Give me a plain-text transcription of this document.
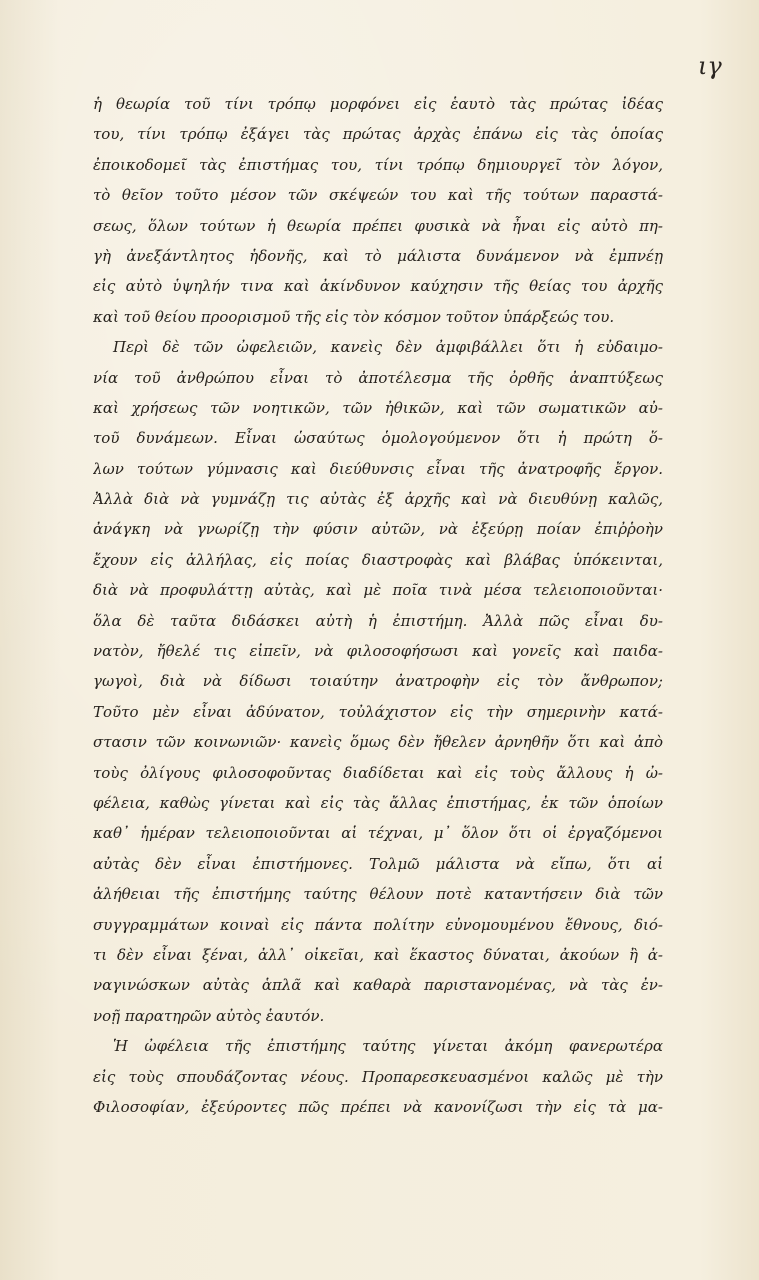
ιγ
ἡ θεωρία τοῦ τίνι τρόπῳ μορφόνει εἰς ἑαυτὸ τὰς πρώτας ἰδέας
του, τίνι τρόπῳ ἐξάγει τὰς πρώτας ἀρχὰς ἐπάνω εἰς τὰς ὁποίας
ἐποικοδομεῖ τὰς ἐπιστήμας του, τίνι τρόπῳ δημιουργεῖ τὸν λόγον,
τὸ θεῖον τοῦτο μέσον τῶν σκέψεών του καὶ τῆς τούτων παραστά-
σεως, ὅλων τούτων ἡ θεωρία πρέπει φυσικὰ νὰ ἦναι εἰς αὐτὸ πη-
γὴ ἀνεξάντλητος ἡδονῆς, καὶ τὸ μάλιστα δυνάμενον νὰ ἐμπνέῃ
εἰς αὐτὸ ὑψηλήν τινα καὶ ἀκίνδυνον καύχησιν τῆς θείας του ἀρχῆς
καὶ τοῦ θείου προορισμοῦ τῆς εἰς τὸν κόσμον τοῦτον ὑπάρξεώς του.
Περὶ δὲ τῶν ὠφελειῶν, κανεὶς δὲν ἀμφιβάλλει ὅτι ἡ εὐδαιμο-
νία τοῦ ἀνθρώπου εἶναι τὸ ἀποτέλεσμα τῆς ὀρθῆς ἀναπτύξεως
καὶ χρήσεως τῶν νοητικῶν, τῶν ἠθικῶν, καὶ τῶν σωματικῶν αὐ-
τοῦ δυνάμεων. Εἶναι ὡσαύτως ὁμολογούμενον ὅτι ἡ πρώτη ὅ-
λων τούτων γύμνασις καὶ διεύθυνσις εἶναι τῆς ἀνατροφῆς ἔργον.
Ἀλλὰ διὰ νὰ γυμνάζῃ τις αὐτὰς ἐξ ἀρχῆς καὶ νὰ διευθύνῃ καλῶς,
ἀνάγκη νὰ γνωρίζῃ τὴν φύσιν αὐτῶν, νὰ ἐξεύρῃ ποίαν ἐπιῤῥοὴν
ἔχουν εἰς ἀλλήλας, εἰς ποίας διαστροφὰς καὶ βλάβας ὑπόκεινται,
διὰ νὰ προφυλάττῃ αὐτὰς, καὶ μὲ ποῖα τινὰ μέσα τελειοποιοῦνται·
ὅλα δὲ ταῦτα διδάσκει αὐτὴ ἡ ἐπιστήμη. Ἀλλὰ πῶς εἶναι δυ-
νατὸν, ἤθελέ τις εἰπεῖν, νὰ φιλοσοφήσωσι καὶ γονεῖς καὶ παιδα-
γωγοὶ, διὰ νὰ δίδωσι τοιαύτην ἀνατροφὴν εἰς τὸν ἄνθρωπον;
Τοῦτο μὲν εἶναι ἀδύνατον, τοὐλάχιστον εἰς τὴν σημερινὴν κατά-
στασιν τῶν κοινωνιῶν· κανεὶς ὅμως δὲν ἤθελεν ἀρνηθῆν ὅτι καὶ ἀπὸ
τοὺς ὀλίγους φιλοσοφοῦντας διαδίδεται καὶ εἰς τοὺς ἄλλους ἡ ὠ-
φέλεια, καθὼς γίνεται καὶ εἰς τὰς ἄλλας ἐπιστήμας, ἐκ τῶν ὁποίων
καθ᾽ ἡμέραν τελειοποιοῦνται αἱ τέχναι, μ᾽ ὅλον ὅτι οἱ ἐργαζόμενοι
αὐτὰς δὲν εἶναι ἐπιστήμονες. Τολμῶ μάλιστα νὰ εἴπω, ὅτι αἱ
ἀλήθειαι τῆς ἐπιστήμης ταύτης θέλουν ποτὲ καταντήσειν διὰ τῶν
συγγραμμάτων κοιναὶ εἰς πάντα πολίτην εὐνομουμένου ἔθνους, διό-
τι δὲν εἶναι ξέναι, ἀλλ᾽ οἰκεῖαι, καὶ ἕκαστος δύναται, ἀκούων ἢ ἀ-
ναγινώσκων αὐτὰς ἁπλᾶ καὶ καθαρὰ παριστανομένας, νὰ τὰς ἐν-
νοῇ παρατηρῶν αὐτὸς ἑαυτόν.
Ἡ ὠφέλεια τῆς ἐπιστήμης ταύτης γίνεται ἀκόμη φανερωτέρα
εἰς τοὺς σπουδάζοντας νέους. Προπαρεσκευασμένοι καλῶς μὲ τὴν
Φιλοσοφίαν, ἐξεύροντες πῶς πρέπει νὰ κανονίζωσι τὴν εἰς τὰ μα-
